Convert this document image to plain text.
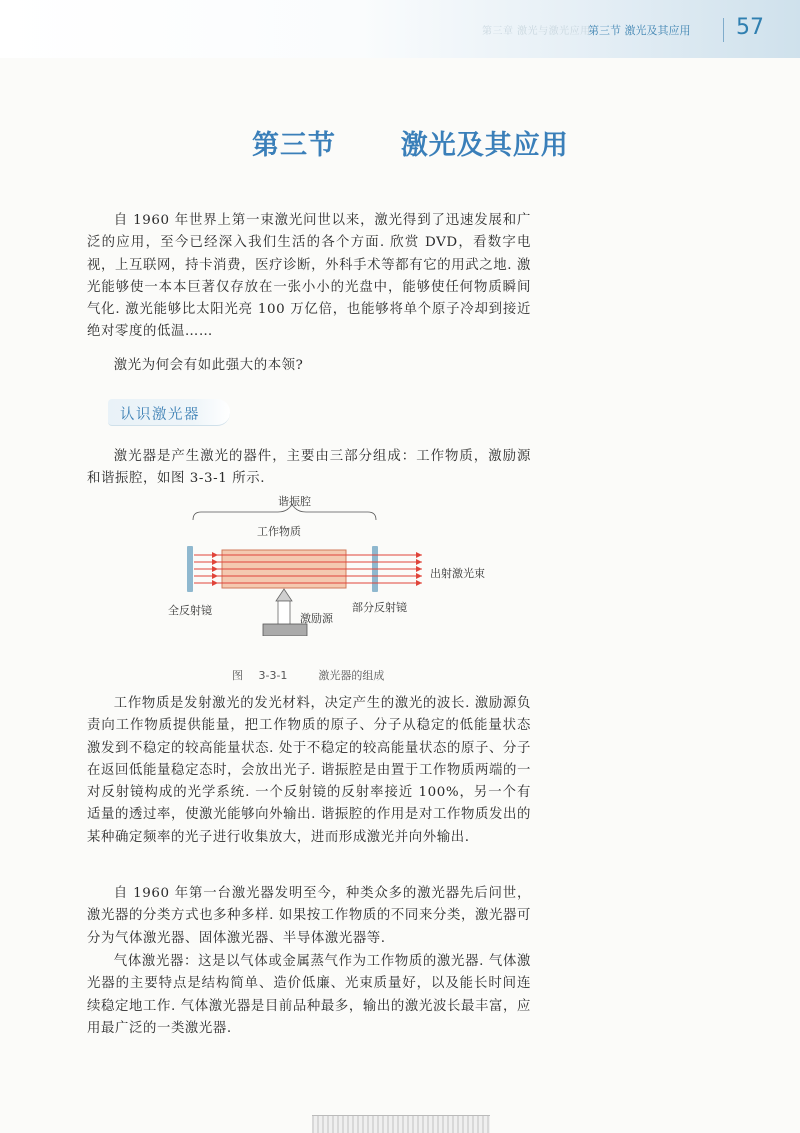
第三章 激光与激光应用
第三节 激光及其应用 57
第三节  激光及其应用

自 1960 年世界上第一束激光问世以来，激光得到了迅速发展和广泛的应用，至今已经深入我们生活的各个方面. 欣赏 DVD，看数字电视，上互联网，持卡消费，医疗诊断，外科手术等都有它的用武之地. 激光能够使一本本巨著仅存放在一张小小的光盘中，能够使任何物质瞬间气化. 激光能够比太阳光亮 100 万亿倍，也能够将单个原子冷却到接近绝对零度的低温……

激光为何会有如此强大的本领?

认识激光器

激光器是产生激光的器件，主要由三部分组成：工作物质，激励源和谐振腔，如图 3-3-1 所示.

谐振腔
工作物质
激励源
全反射镜	部分反射镜
出射激光束
图 3-3-1  激光器的组成

工作物质是发射激光的发光材料，决定产生的激光的波长. 激励源负责向工作物质提供能量，把工作物质的原子、分子从稳定的低能量状态激发到不稳定的较高能量状态. 处于不稳定的较高能量状态的原子、分子在返回低能量稳定态时，会放出光子. 谐振腔是由置于工作物质两端的一对反射镜构成的光学系统. 一个反射镜的反射率接近 100%，另一个有适量的透过率，使激光能够向外输出. 谐振腔的作用是对工作物质发出的某种确定频率的光子进行收集放大，进而形成激光并向外输出.

自 1960 年第一台激光器发明至今，种类众多的激光器先后问世，激光器的分类方式也多种多样. 如果按工作物质的不同来分类，激光器可分为气体激光器、固体激光器、半导体激光器等.

气体激光器：这是以气体或金属蒸气作为工作物质的激光器. 气体激光器的主要特点是结构简单、造价低廉、光束质量好，以及能长时间连续稳定地工作. 气体激光器是目前品种最多，输出的激光波长最丰富，应用最广泛的一类激光器.
